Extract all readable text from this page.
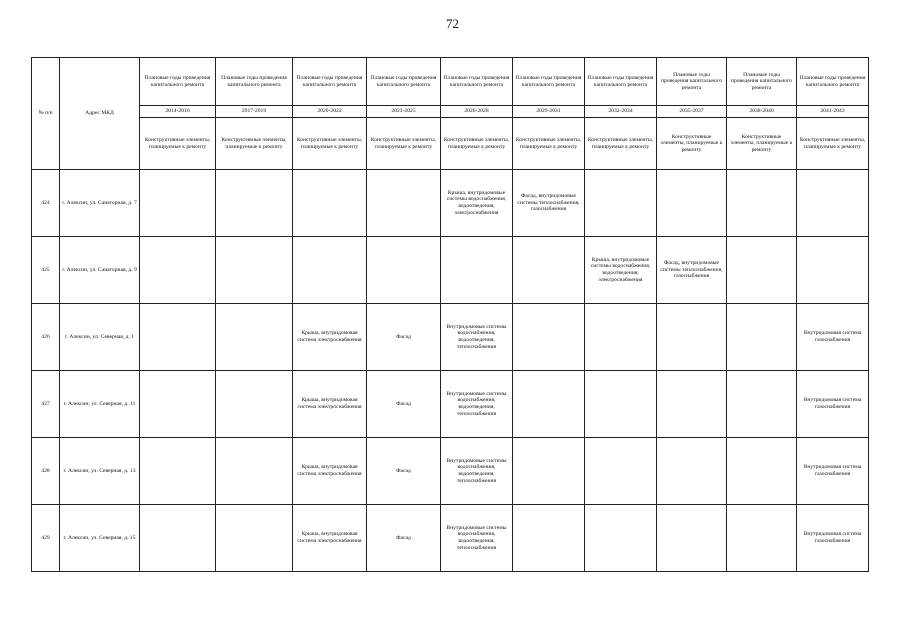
72
№ п/п	Адрес МКД	Плановые годы проведения капитального ремонта	Плановые годы проведения капитального ремонта	Плановые годы проведения капитального ремонта	Плановые годы проведения капитального ремонта	Плановые годы проведения капитального ремонта	Плановые годы проведения капитального ремонта	Плановые годы проведения капитального ремонта	Плановые годы проведения капитального ремонта	Плановые годы проведения капитального ремонта	Плановые годы проведения капитального ремонта
		2014-2016	2017-2019	2020-2022	2023-2025	2026-2028	2029-2031	2032-2034	2035-2037	2038-2040	2041-2043
		Конструктивные элементы, планируемые к ремонту	Конструктивные элементы, планируемые к ремонту	Конструктивные элементы, планируемые к ремонту	Конструктивные элементы, планируемые к ремонту	Конструктивные элементы, планируемые к ремонту	Конструктивные элементы, планируемые к ремонту	Конструктивные элементы, планируемые к ремонту	Конструктивные элементы, планируемые к ремонту	Конструктивные элементы, планируемые к ремонту	Конструктивные элементы, планируемые к ремонту
424	г. Алексин, ул. Санаторная, д. 7					Крыша, внутридомовые системы водоснабжения, водоотведения, электроснабжения	Фасад, внутридомовые системы теплоснабжения, газоснабжения				
425	г. Алексин, ул. Санаторная, д. 9							Крыша, внутридомовые системы водоснабжения, водоотведения, электроснабжения	Фасад, внутридомовые системы теплоснабжения, газоснабжения		
426	г. Алексин, ул. Северная, д. 1			Крыша, внутридомовая система электроснабжения	Фасад	Внутридомовые системы водоснабжения, водоотведения, теплоснабжения					Внутридомовая система газоснабжения
427	г. Алексин, ул. Северная, д. 11			Крыша, внутридомовая система электроснабжения	Фасад	Внутридомовые системы водоснабжения, водоотведения, теплоснабжения					Внутридомовая система газоснабжения
428	г. Алексин, ул. Северная, д. 13			Крыша, внутридомовая система электроснабжения	Фасад	Внутридомовые системы водоснабжения, водоотведения, теплоснабжения					Внутридомовая система газоснабжения
429	г. Алексин, ул. Северная, д. 15			Крыша, внутридомовая система электроснабжения	Фасад	Внутридомовые системы водоснабжения, водоотведения, теплоснабжения					Внутридомовая система газоснабжения
